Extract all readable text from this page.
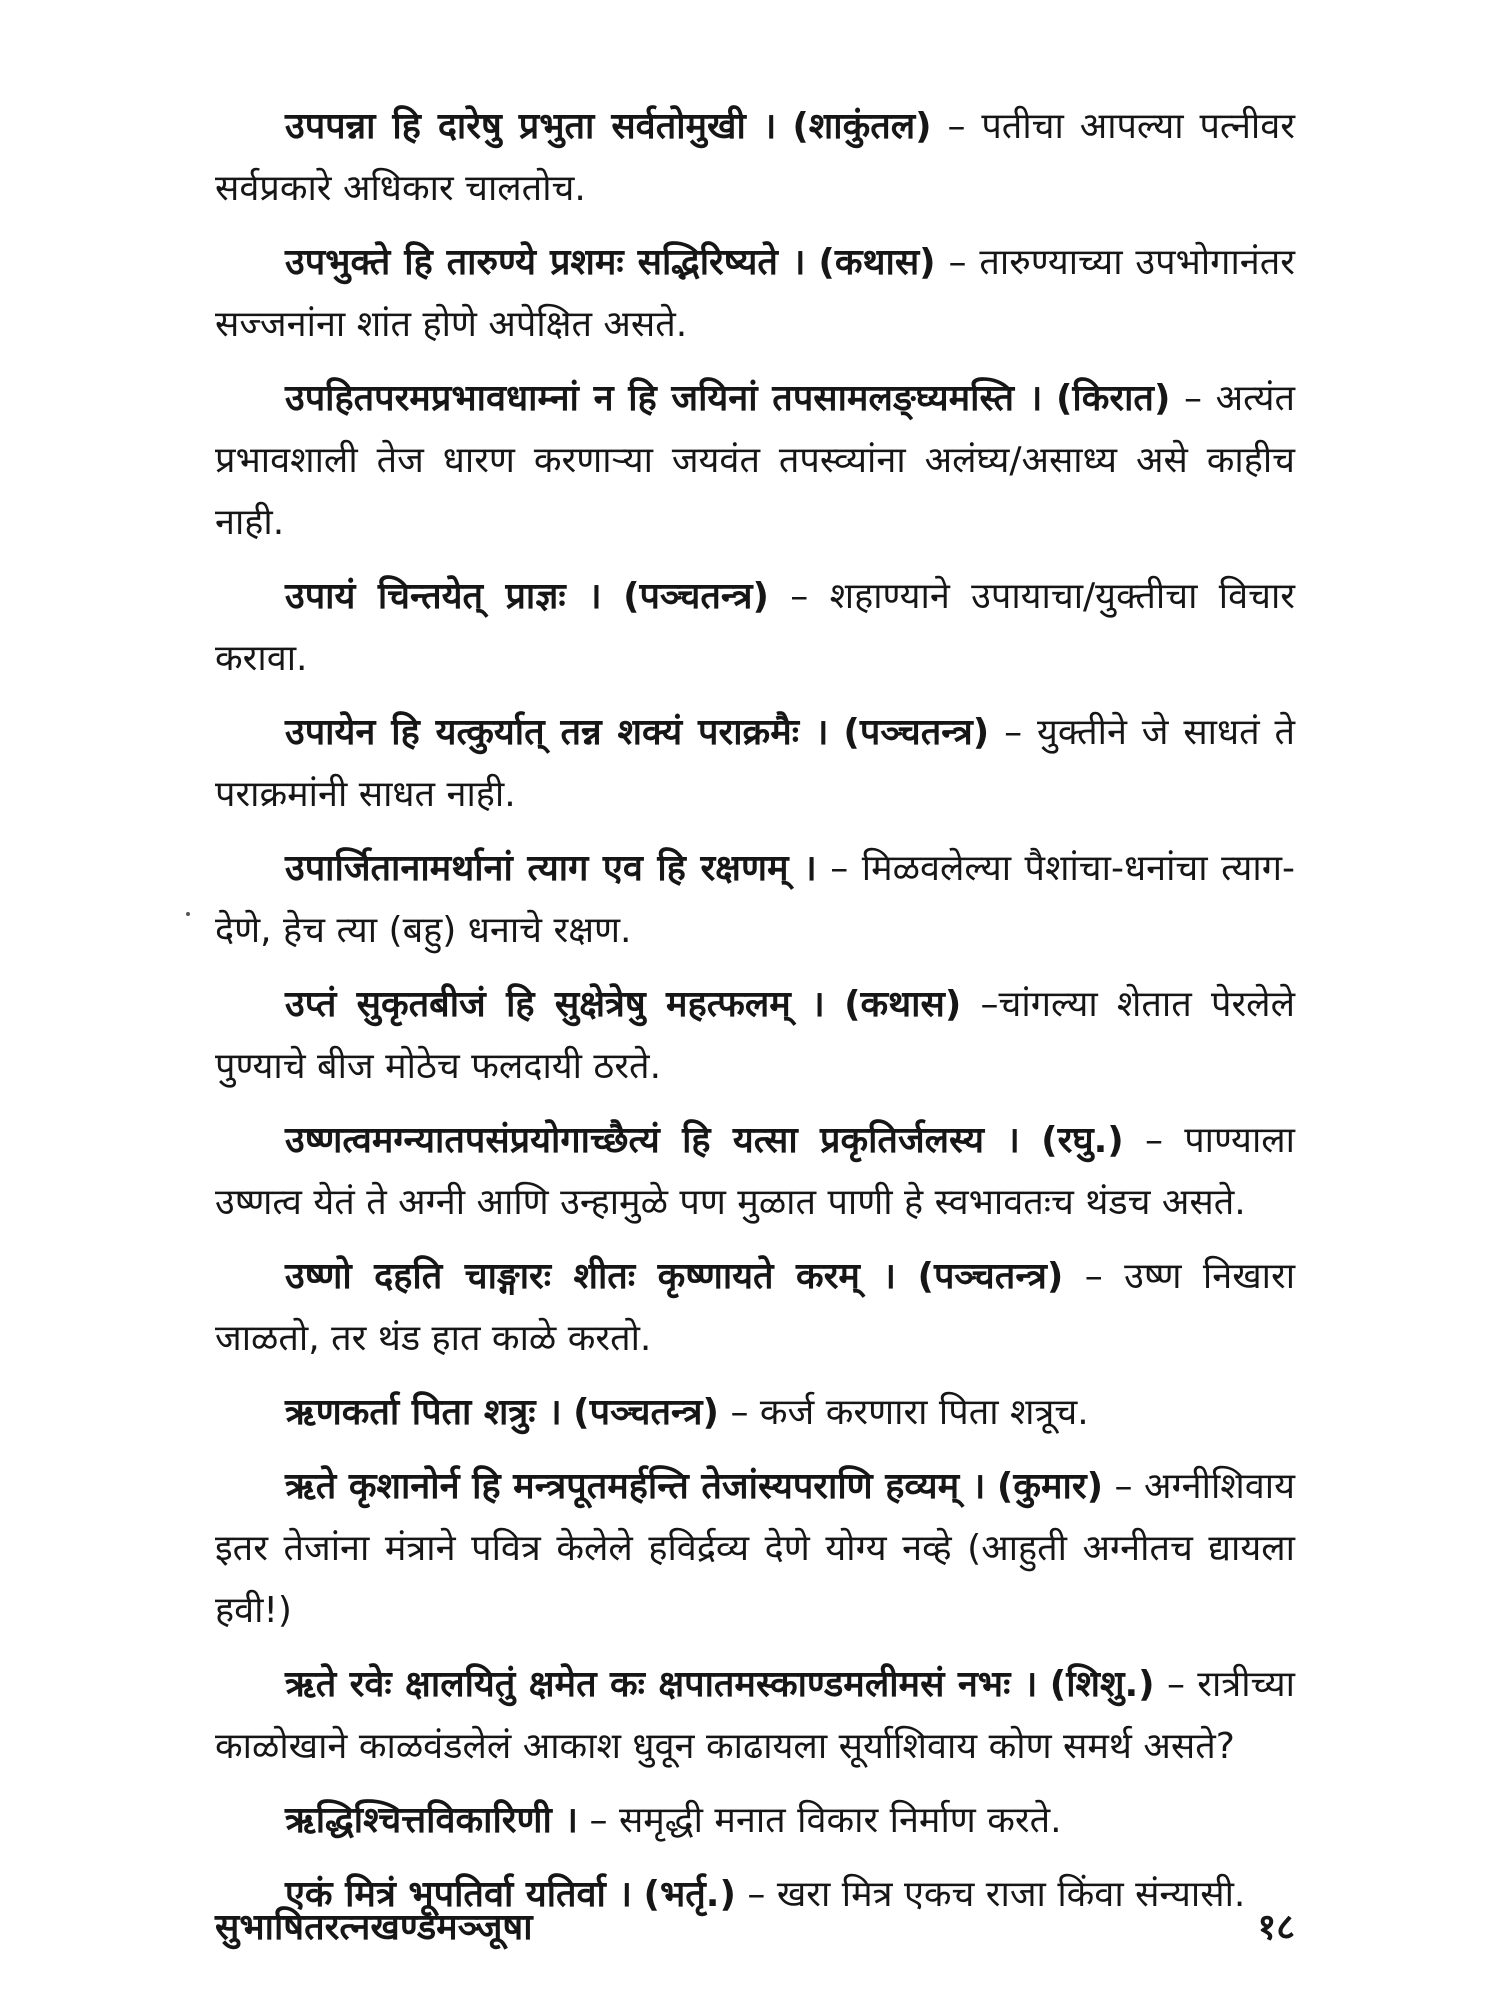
उपपन्ना हि दारेषु प्रभुता सर्वतोमुखी । (शाकुंतल) – पतीचा आपल्या पत्नीवर सर्वप्रकारे अधिकार चालतोच.

उपभुक्ते हि तारुण्ये प्रशमः सद्भिरिष्यते । (कथास) – तारुण्याच्या उपभोगानंतर सज्जनांना शांत होणे अपेक्षित असते.

उपहितपरमप्रभावधाम्नां न हि जयिनां तपसामलङ्घ्यमस्ति । (किरात) – अत्यंत प्रभावशाली तेज धारण करणाऱ्या जयवंत तपस्व्यांना अलंघ्य/असाध्य असे काहीच नाही.

उपायं चिन्तयेत् प्राज्ञः । (पञ्चतन्त्र) – शहाण्याने उपायाचा/युक्तीचा विचार करावा.

उपायेन हि यत्कुर्यात् तन्न शक्यं पराक्रमैः । (पञ्चतन्त्र) – युक्तीने जे साधतं ते पराक्रमांनी साधत नाही.

उपार्जितानामर्थानां त्याग एव हि रक्षणम् । – मिळवलेल्या पैशांचा-धनांचा त्याग-देणे, हेच त्या (बहु) धनाचे रक्षण.

उप्तं सुकृतबीजं हि सुक्षेत्रेषु महत्फलम् । (कथास) –चांगल्या शेतात पेरलेले पुण्याचे बीज मोठेच फलदायी ठरते.

उष्णत्वमग्न्यातपसंप्रयोगाच्छैत्यं हि यत्सा प्रकृतिर्जलस्य । (रघु.) – पाण्याला उष्णत्व येतं ते अग्नी आणि उन्हामुळे पण मुळात पाणी हे स्वभावतःच थंडच असते.

उष्णो दहति चाङ्गारः शीतः कृष्णायते करम् । (पञ्चतन्त्र) – उष्ण निखारा जाळतो, तर थंड हात काळे करतो.

ऋणकर्ता पिता शत्रुः । (पञ्चतन्त्र) – कर्ज करणारा पिता शत्रूच.

ऋते कृशानोर्न हि मन्त्रपूतमर्हन्ति तेजांस्यपराणि हव्यम् । (कुमार) – अग्नीशिवाय इतर तेजांना मंत्राने पवित्र केलेले हविर्द्रव्य देणे योग्य नव्हे (आहुती अग्नीतच द्यायला हवी!)

ऋते रवेः क्षालयितुं क्षमेत कः क्षपातमस्काण्डमलीमसं नभः । (शिशु.) – रात्रीच्या काळोखाने काळवंडलेलं आकाश धुवून काढायला सूर्याशिवाय कोण समर्थ असते?

ऋद्धिश्चित्तविकारिणी । – समृद्धी मनात विकार निर्माण करते.

एकं मित्रं भूपतिर्वा यतिर्वा । (भर्तृ.) – खरा मित्र एकच राजा किंवा संन्यासी.

सुभाषितरत्नखण्डमञ्जूषा	१८
